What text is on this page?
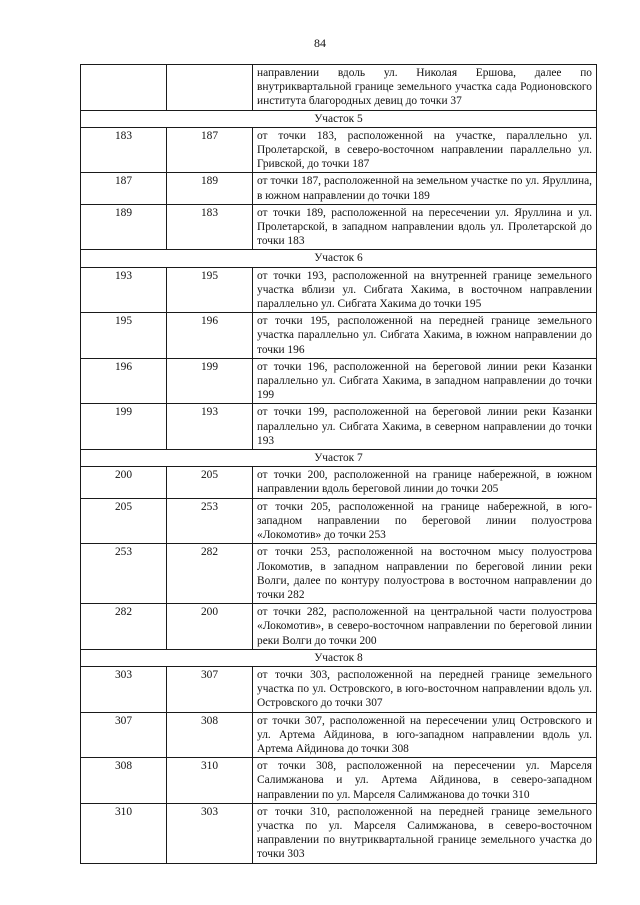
84
		направлении вдоль ул. Николая Ершова, далее по внутриквартальной границе земельного участка сада Родионовского института благородных девиц до точки 37
Участок 5		
183	187	от точки 183, расположенной на участке, параллельно ул. Пролетарской, в северо-восточном направлении параллельно ул. Гривской, до точки 187
187	189	от точки 187, расположенной на земельном участке по ул. Яруллина, в южном направлении до точки 189
189	183	от точки 189, расположенной на пересечении ул. Яруллина и ул. Пролетарской, в западном направлении вдоль ул. Пролетарской до точки 183
Участок 6		
193	195	от точки 193, расположенной на внутренней границе земельного участка вблизи ул. Сибгата Хакима, в восточном направлении параллельно ул. Сибгата Хакима до точки 195
195	196	от точки 195, расположенной на передней границе земельного участка параллельно ул. Сибгата Хакима, в южном направлении до точки 196
196	199	от точки 196, расположенной на береговой линии реки Казанки параллельно ул. Сибгата Хакима, в западном направлении до точки 199
199	193	от точки 199, расположенной на береговой линии реки Казанки параллельно ул. Сибгата Хакима, в северном направлении до точки 193
Участок 7		
200	205	от точки 200, расположенной на границе набережной, в южном направлении вдоль береговой линии до точки 205
205	253	от точки 205, расположенной на границе набережной, в юго-западном направлении по береговой линии полуострова «Локомотив» до точки 253
253	282	от точки 253, расположенной на восточном мысу полуострова Локомотив, в западном направлении по береговой линии реки Волги, далее по контуру полуострова в восточном направлении до точки 282
282	200	от точки 282, расположенной на центральной части полуострова «Локомотив», в северо-восточном направлении по береговой линии реки Волги до точки 200
Участок 8		
303	307	от точки 303, расположенной на передней границе земельного участка по ул. Островского, в юго-восточном направлении вдоль ул. Островского до точки 307
307	308	от точки 307, расположенной на пересечении улиц Островского и ул. Артема Айдинова, в юго-западном направлении вдоль ул. Артема Айдинова до точки 308
308	310	от точки 308, расположенной на пересечении ул. Марселя Салимжанова и ул. Артема Айдинова, в северо-западном направлении по ул. Марселя Салимжанова до точки 310
310	303	от точки 310, расположенной на передней границе земельного участка по ул. Марселя Салимжанова, в северо-восточном направлении по внутриквартальной границе земельного участка до точки 303
